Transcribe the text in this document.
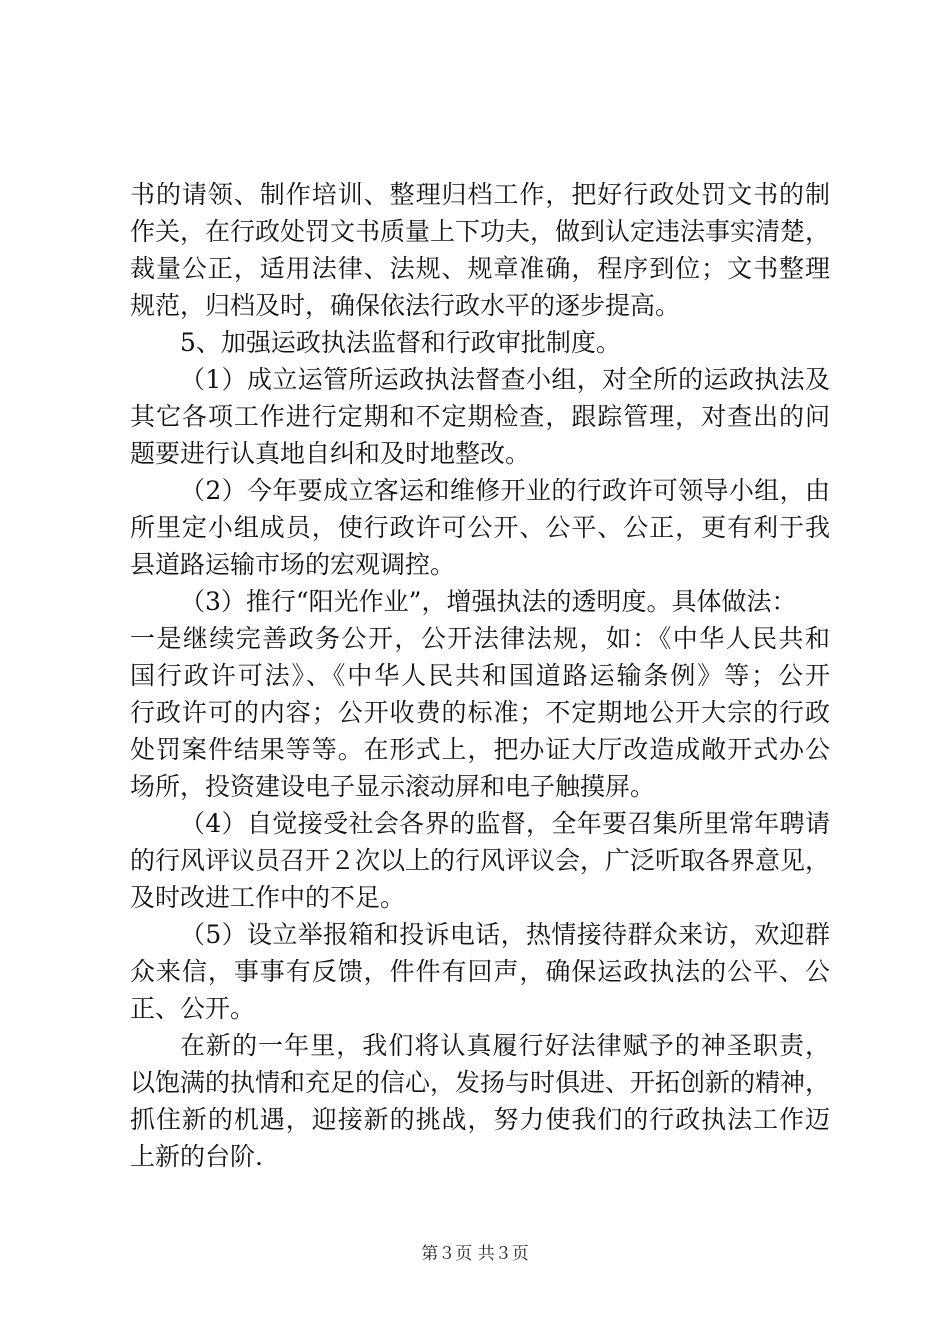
书的请领、制作培训、整理归档工作，把好行政处罚文书的制
作关，在行政处罚文书质量上下功夫，做到认定违法事实清楚，
裁量公正，适用法律、法规、规章准确，程序到位；文书整理
规范，归档及时，确保依法行政水平的逐步提高。
5、加强运政执法监督和行政审批制度。
（1）成立运管所运政执法督查小组，对全所的运政执法及
其它各项工作进行定期和不定期检查，跟踪管理，对查出的问
题要进行认真地自纠和及时地整改。
（2）今年要成立客运和维修开业的行政许可领导小组，由
所里定小组成员，使行政许可公开、公平、公正，更有利于我
县道路运输市场的宏观调控。
（3）推行“阳光作业”，增强执法的透明度。具体做法：
一是继续完善政务公开，公开法律法规，如：《中华人民共和
国行政许可法》、《中华人民共和国道路运输条例》等；公开
行政许可的内容；公开收费的标准；不定期地公开大宗的行政
处罚案件结果等等。在形式上，把办证大厅改造成敞开式办公
场所，投资建设电子显示滚动屏和电子触摸屏。
（4）自觉接受社会各界的监督，全年要召集所里常年聘请
的行风评议员召开２次以上的行风评议会，广泛听取各界意见，
及时改进工作中的不足。
（5）设立举报箱和投诉电话，热情接待群众来访，欢迎群
众来信，事事有反馈，件件有回声，确保运政执法的公平、公
正、公开。
在新的一年里，我们将认真履行好法律赋予的神圣职责，
以饱满的执情和充足的信心，发扬与时俱进、开拓创新的精神，
抓住新的机遇，迎接新的挑战，努力使我们的行政执法工作迈
上新的台阶.
第３页 共３页
